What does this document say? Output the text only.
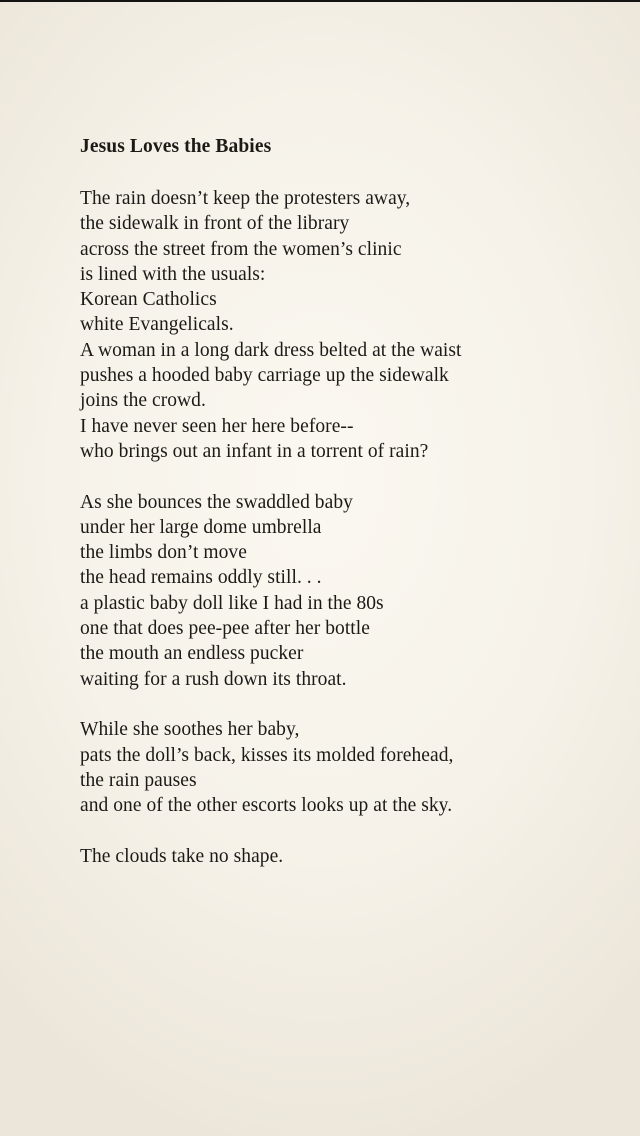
Jesus Loves the Babies
The rain doesn’t keep the protesters away,
the sidewalk in front of the library
across the street from the women’s clinic
is lined with the usuals:
Korean Catholics
white Evangelicals.
A woman in a long dark dress belted at the waist
pushes a hooded baby carriage up the sidewalk
joins the crowd.
I have never seen her here before--
who brings out an infant in a torrent of rain?
As she bounces the swaddled baby
under her large dome umbrella
the limbs don’t move
the head remains oddly still. . .
a plastic baby doll like I had in the 80s
one that does pee-pee after her bottle
the mouth an endless pucker
waiting for a rush down its throat.
While she soothes her baby,
pats the doll’s back, kisses its molded forehead,
the rain pauses
and one of the other escorts looks up at the sky.
The clouds take no shape.
